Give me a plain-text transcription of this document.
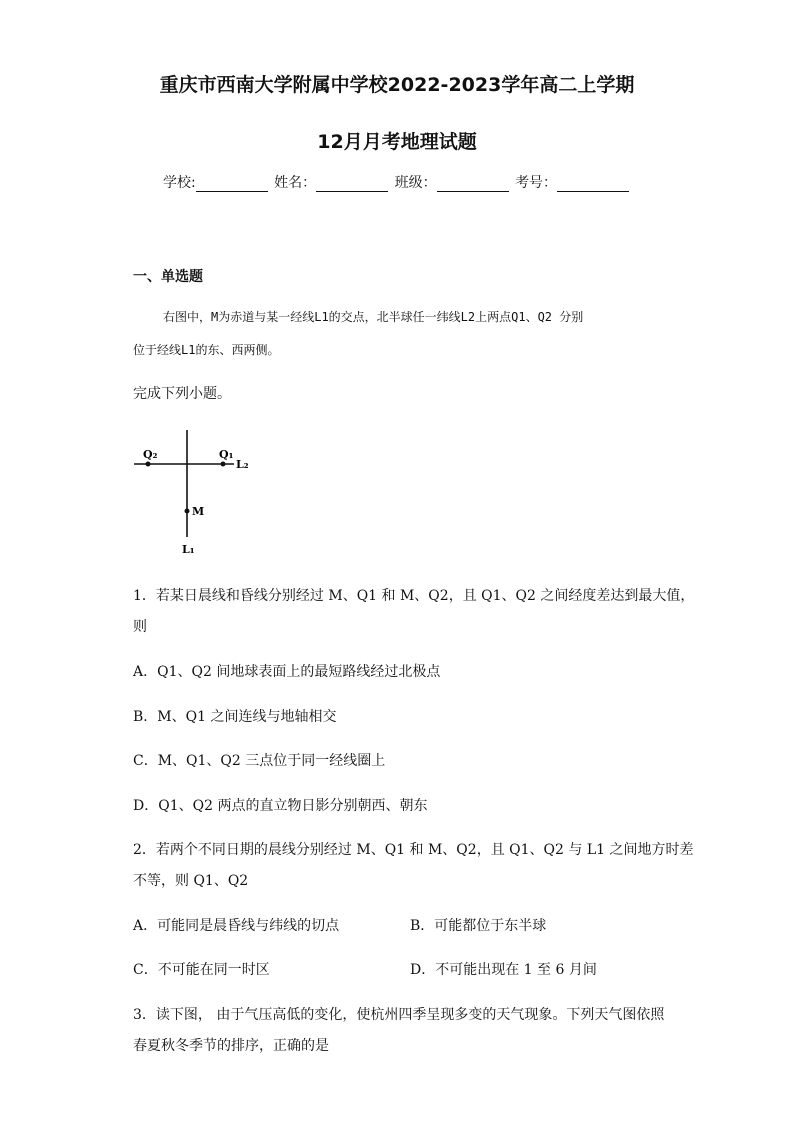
重庆市西南大学附属中学校2022-2023学年高二上学期
12月月考地理试题
学校:	姓名：	班级：	考号：
一、单选题
右图中，M为赤道与某一经线L1的交点，北半球任一纬线L2上两点Q1、Q2 分别
位于经线L1的东、西两侧。
完成下列小题。
Q₂	Q₁
L₂
M
L₁
1．若某日晨线和昏线分别经过 M、Q1 和 M、Q2，且 Q1、Q2 之间经度差达到最大值，
则
A．Q1、Q2 间地球表面上的最短路线经过北极点
B．M、Q1 之间连线与地轴相交
C．M、Q1、Q2 三点位于同一经线圈上
D．Q1、Q2 两点的直立物日影分别朝西、朝东
2．若两个不同日期的晨线分别经过 M、Q1 和 M、Q2，且 Q1、Q2 与 L1 之间地方时差
不等，则 Q1、Q2
A．可能同是晨昏线与纬线的切点	B．可能都位于东半球
C．不可能在同一时区	D．不可能出现在 1 至 6 月间
3．读下图， 由于气压高低的变化，使杭州四季呈现多变的天气现象。下列天气图依照
春夏秋冬季节的排序，正确的是
